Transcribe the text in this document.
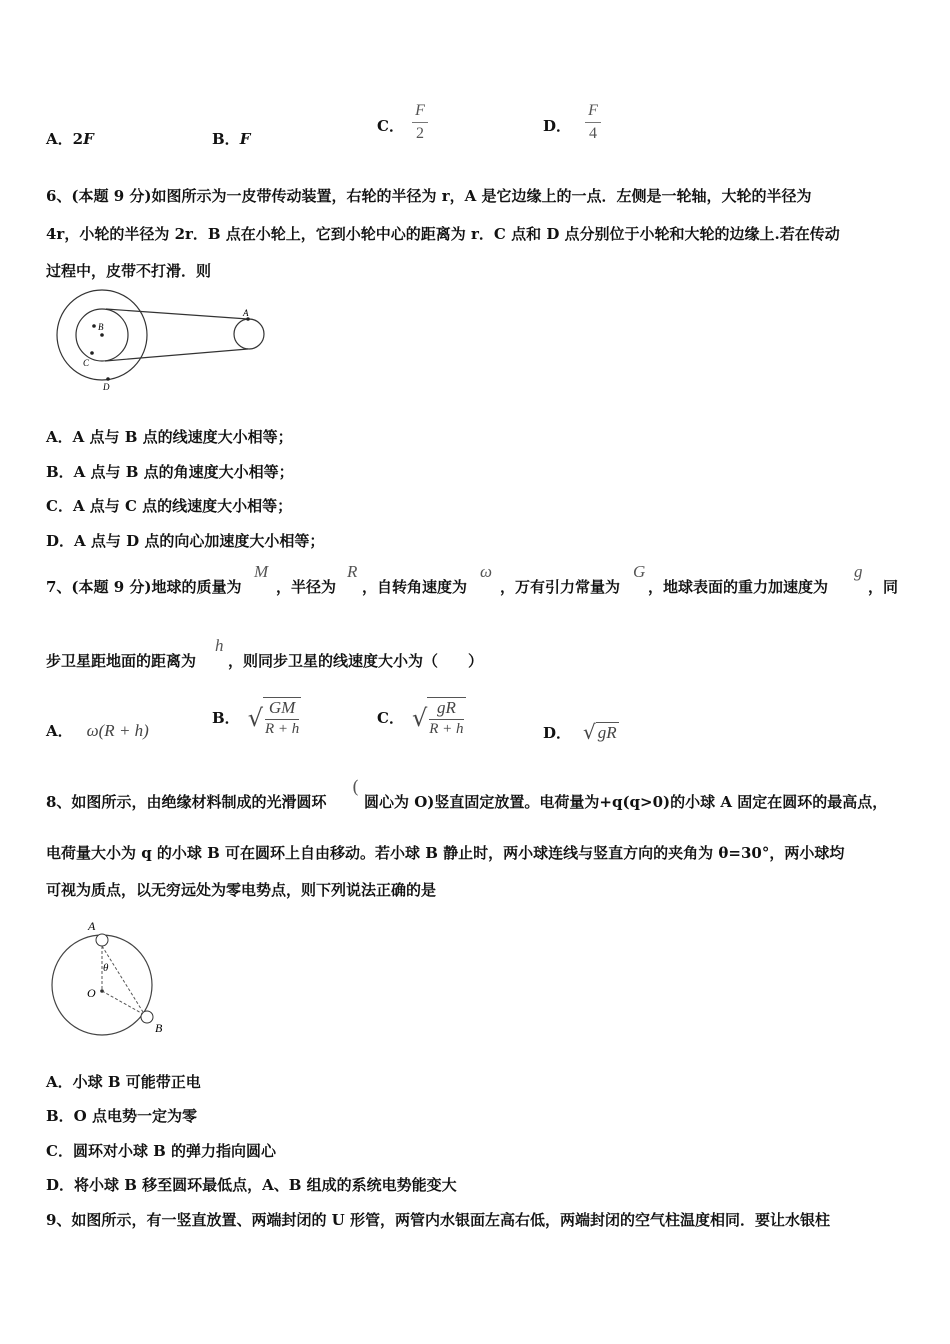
A．2F	B．F
C． $\frac{F}{2}$	D． $\frac{F}{4}$
6、(本题 9 分)如图所示为一皮带传动装置，右轮的半径为 r，A 是它边缘上的一点．左侧是一轮轴，大轮的半径为
4r，小轮的半径为 2r．B 点在小轮上，它到小轮中心的距离为 r．C 点和 D 点分别位于小轮和大轮的边缘上.若在传动
过程中，皮带不打滑．则
A
B
C
D
A．A 点与 B 点的线速度大小相等；
B．A 点与 B 点的角速度大小相等；
C．A 点与 C 点的线速度大小相等；
D．A 点与 D 点的向心加速度大小相等；
7、(本题 9 分)地球的质量为
M
，半径为
R
，自转角速度为
ω
，万有引力常量为
G
，地球表面的重力加速度为
g
，同
步卫星距地面的距离为
h
，则同步卫星的线速度大小为（　　）
A． ω(R + h)
B． √ GM
R + h
C． √ gR
R + h	D． √ gR
8、如图所示，由绝缘材料制成的光滑圆环
(
圆心为 O)竖直固定放置。电荷量为+q(q>0)的小球 A 固定在圆环的最高点，
电荷量大小为 q 的小球 B 可在圆环上自由移动。若小球 B 静止时，两小球连线与竖直方向的夹角为 θ=30°，两小球均
可视为质点，以无穷远处为零电势点，则下列说法正确的是
A
O
B
θ
A．小球 B 可能带正电
B．O 点电势一定为零
C．圆环对小球 B 的弹力指向圆心
D．将小球 B 移至圆环最低点，A、B 组成的系统电势能变大
9、如图所示，有一竖直放置、两端封闭的 U 形管，两管内水银面左高右低，两端封闭的空气柱温度相同．要让水银柱
